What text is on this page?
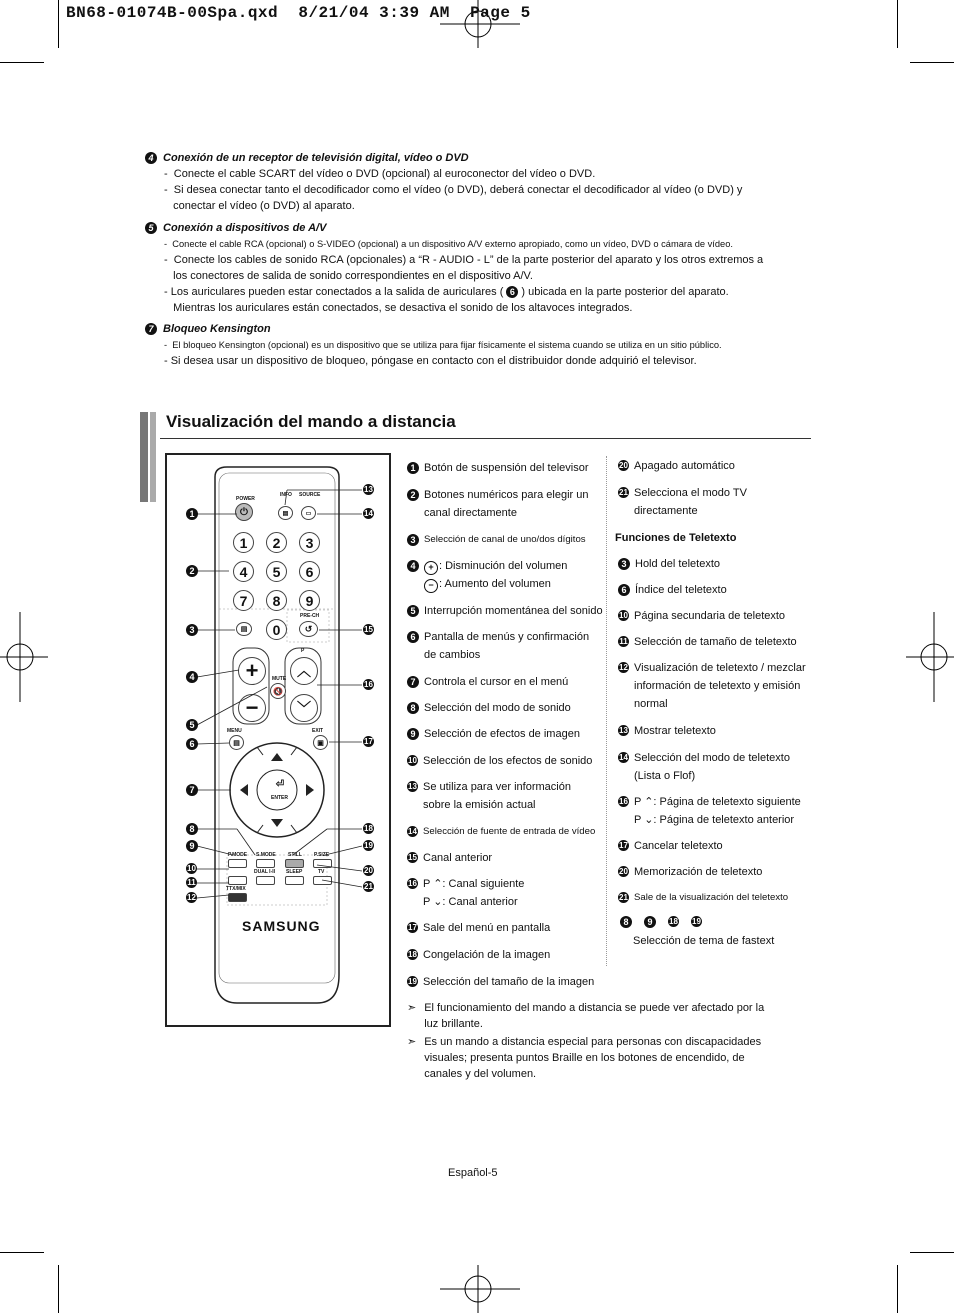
BN68-01074B-00Spa.qxd  8/21/04 3:39 AM  Page 5
4 Conexión de un receptor de televisión digital, vídeo o DVD
-  Conecte el cable SCART del vídeo o DVD (opcional) al euroconector del vídeo o DVD.
-  Si desea conectar tanto el decodificador como el vídeo (o DVD), deberá conectar el decodificador al vídeo (o DVD) y
conectar el vídeo (o DVD) al aparato.
5 Conexión a dispositivos de A/V
-  Conecte el cable RCA (opcional) o S-VIDEO (opcional) a un dispositivo A/V externo apropiado, como un vídeo, DVD o cámara de vídeo.
-  Conecte los cables de sonido RCA (opcionales) a “R - AUDIO - L” de la parte posterior del aparato y los otros extremos a
los conectores de salida de sonido correspondientes en el dispositivo A/V.
- Los auriculares pueden estar conectados a la salida de auriculares ( 6 ) ubicada en la parte posterior del aparato.
Mientras los auriculares están conectados, se desactiva el sonido de los altavoces integrados.
7 Bloqueo Kensington
-  El bloqueo Kensington (opcional) es un dispositivo que se utiliza para fijar físicamente el sistema cuando se utiliza en un sitio público.
- Si desea usar un dispositivo de bloqueo, póngase en contacto con el distribuidor donde adquirió el televisor.
Visualización del mando a distancia
POWER
⏻
INFO
▤
SOURCE
▭
1	2	3
4	5	6
7	8	9
0
▤
PRE-CH
↺
+
−
MUTE
🔇
P
︿
﹀
MENU
▤
EXIT
▣
ENTER
⏎
P.MODE S.MODE STILL P.SIZE
DUAL I-II SLEEP	TV
TTX/MIX
SAMSUNG
1
2
3
4
5
6
7
8
9
10
11
12
13
14
15
16
17
18
19
20
21
1 Botón de suspensión del televisor
2 Botones numéricos para elegir un
canal directamente
3 Selección de canal de uno/dos dígitos
4	+ : Disminución del volumen
− : Aumento del volumen
5 Interrupción momentánea del sonido
6 Pantalla de menús y confirmación
de cambios
7 Controla el cursor en el menú
8 Selección del modo de sonido
9 Selección de efectos de imagen
10 Selección de los efectos de sonido
13 Se utiliza para ver información
sobre la emisión actual
14 Selección de fuente de entrada de vídeo
15 Canal anterior
16 P ⌃: Canal siguiente
P ⌄: Canal anterior
17 Sale del menú en pantalla
18 Congelación de la imagen
19 Selección del tamaño de la imagen
20 Apagado automático
21 Selecciona el modo TV
directamente
Funciones de Teletexto
3 Hold del teletexto
6 Índice del teletexto
10 Página secundaria de teletexto
11 Selección de tamaño de teletexto
12 Visualización de teletexto / mezclar
información de teletexto y emisión
normal
13 Mostrar teletexto
14 Selección del modo de teletexto
(Lista o Flof)
16 P ⌃: Página de teletexto siguiente
P ⌄: Página de teletexto anterior
17 Cancelar teletexto
20 Memorización de teletexto
21 Sale de la visualización del teletexto
8	9	18 19
Selección de tema de fastext
➣ El funcionamiento del mando a distancia se puede ver afectado por la
luz brillante.
➣ Es un mando a distancia especial para personas con discapacidades
visuales; presenta puntos Braille en los botones de encendido, de
canales y del volumen.
Español-5
